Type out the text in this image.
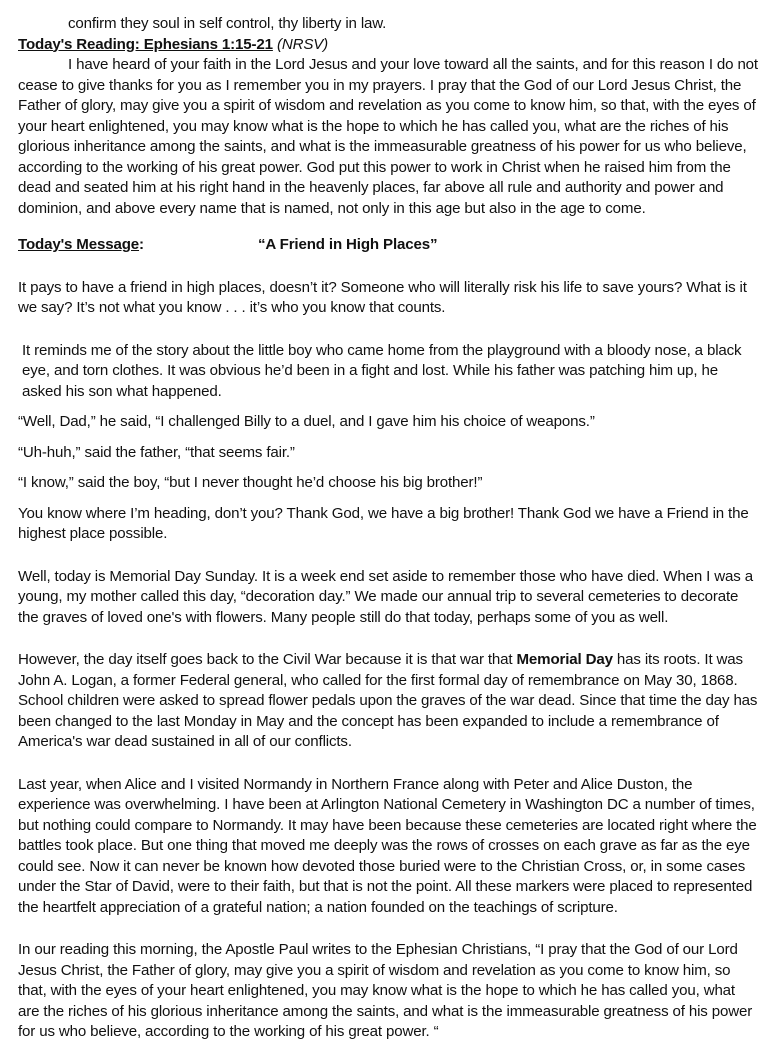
confirm they soul in self control, thy liberty in law.

Today's Reading: Ephesians 1:15-21 (NRSV)

I have heard of your faith in the Lord Jesus and your love toward all the saints, and for this reason I do not cease to give thanks for you as I remember you in my prayers. I pray that the God of our Lord Jesus Christ, the Father of glory, may give you a spirit of wisdom and revelation as you come to know him, so that, with the eyes of your heart enlightened, you may know what is the hope to which he has called you, what are the riches of his glorious inheritance among the saints, and what is the immeasurable greatness of his power for us who believe, according to the working of his great power. God put this power to work in Christ when he raised him from the dead and seated him at his right hand in the heavenly places, far above all rule and authority and power and dominion, and above every name that is named, not only in this age but also in the age to come.

Today's Message:	“A Friend in High Places”

It pays to have a friend in high places, doesn’t it? Someone who will literally risk his life to save yours? What is it we say? It’s not what you know . . . it’s who you know that counts.

It reminds me of the story about the little boy who came home from the playground with a bloody nose, a black eye, and torn clothes. It was obvious he’d been in a fight and lost. While his father was patching him up, he asked his son what happened.

“Well, Dad,” he said, “I challenged Billy to a duel, and I gave him his choice of weapons.”

“Uh-huh,” said the father, “that seems fair.”

“I know,” said the boy, “but I never thought he’d choose his big brother!”

You know where I’m heading, don’t you? Thank God, we have a big brother! Thank God we have a Friend in the highest place possible.

Well, today is Memorial Day Sunday. It is a week end set aside to remember those who have died. When I was a young, my mother called this day, “decoration day.” We made our annual trip to several cemeteries to decorate the graves of loved one's with flowers. Many people still do that today, perhaps some of you as well.

However, the day itself goes back to the Civil War because it is that war that Memorial Day has its roots. It was John A. Logan, a former Federal general, who called for the first formal day of remembrance on May 30, 1868. School children were asked to spread flower pedals upon the graves of the war dead. Since that time the day has been changed to the last Monday in May and the concept has been expanded to include a remembrance of America's war dead sustained in all of our conflicts.

Last year, when Alice and I visited Normandy in Northern France along with Peter and Alice Duston, the experience was overwhelming. I have been at Arlington National Cemetery in Washington DC a number of times, but nothing could compare to Normandy. It may have been because these cemeteries are located right where the battles took place. But one thing that moved me deeply was the rows of crosses on each grave as far as the eye could see. Now it can never be known how devoted those buried were to the Christian Cross, or, in some cases under the Star of David, were to their faith, but that is not the point. All these markers were placed to represented the heartfelt appreciation of a grateful nation; a nation founded on the teachings of scripture.

In our reading this morning, the Apostle Paul writes to the Ephesian Christians, “I pray that the God of our Lord Jesus Christ, the Father of glory, may give you a spirit of wisdom and revelation as you come to know him, so that, with the eyes of your heart enlightened, you may know what is the hope to which he has called you, what are the riches of his glorious inheritance among the saints, and what is the immeasurable greatness of his power for us who believe, according to the working of his great power. “
